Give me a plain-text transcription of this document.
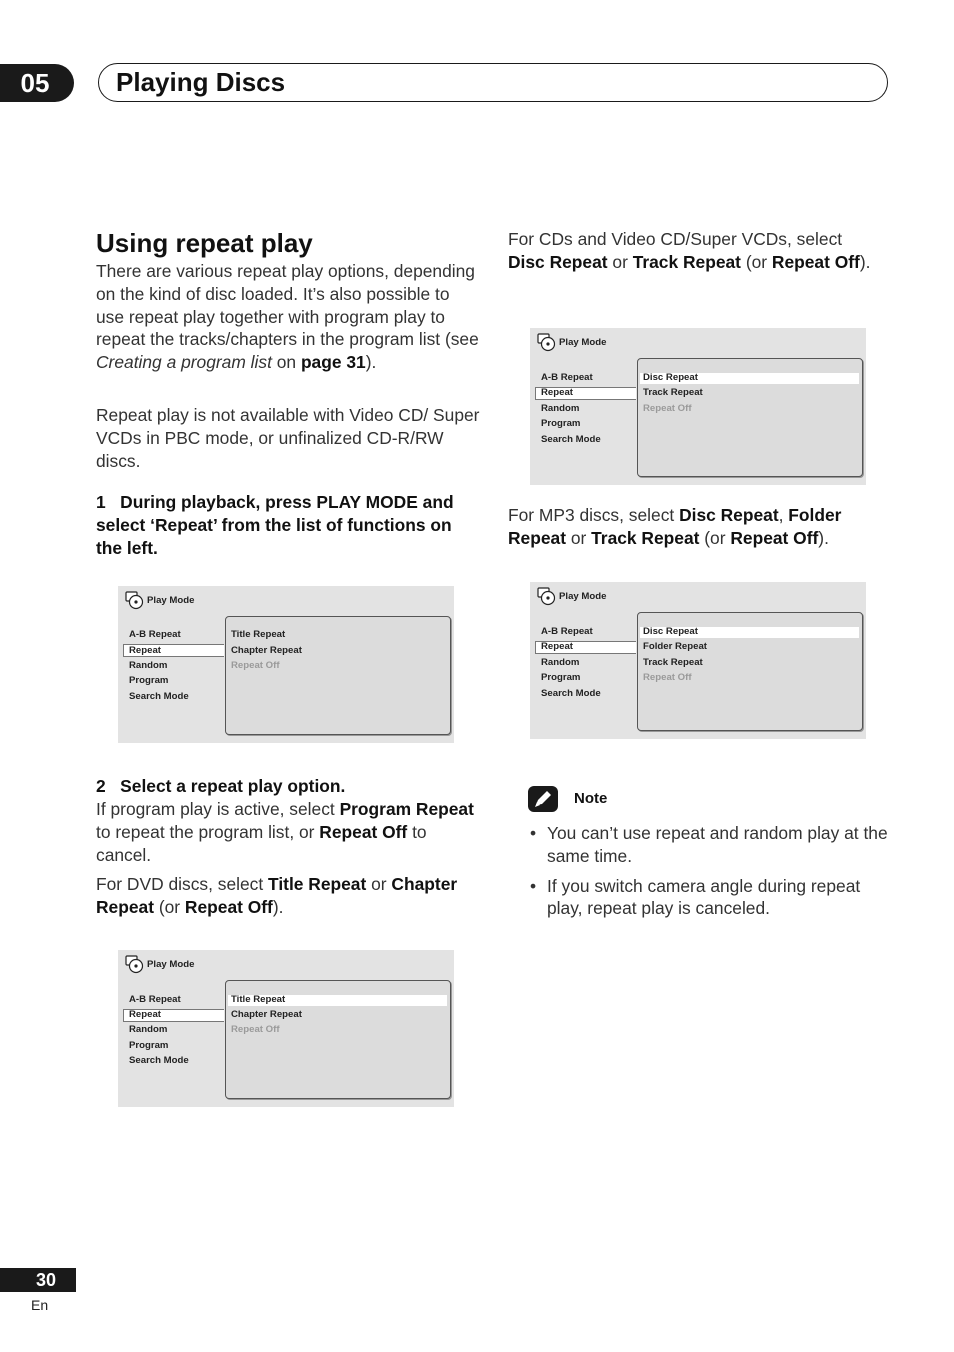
05	Playing Discs
Using repeat play

There are various repeat play options, depending on the kind of disc loaded. It’s also possible to use repeat play together with program play to repeat the tracks/chapters in the program list (see Creating a program list on page 31).

Repeat play is not available with Video CD/ Super VCDs in PBC mode, or unfinalized CD-R/RW discs.

1 During playback, press PLAY MODE and select ‘Repeat’ from the list of functions on the left.

Play Mode
A-B Repeat
Repeat
Random
Program
Search Mode
Title Repeat
Chapter Repeat
Repeat Off

2 Select a repeat play option.

If program play is active, select Program Repeat to repeat the program list, or Repeat Off to cancel.

For DVD discs, select Title Repeat or Chapter Repeat (or Repeat Off).

Play Mode
A-B Repeat
Repeat
Random
Program
Search Mode
Title Repeat
Chapter Repeat
Repeat Off

For CDs and Video CD/Super VCDs, select Disc Repeat or Track Repeat (or Repeat Off).

Play Mode
A-B Repeat
Repeat
Random
Program
Search Mode
Disc Repeat
Track Repeat
Repeat Off

For MP3 discs, select Disc Repeat, Folder Repeat or Track Repeat (or Repeat Off).

Play Mode
A-B Repeat
Repeat
Random
Program
Search Mode
Disc Repeat
Folder Repeat
Track Repeat
Repeat Off
Note
• You can’t use repeat and random play at the same time.

• If you switch camera angle during repeat play, repeat play is canceled.

30
En
